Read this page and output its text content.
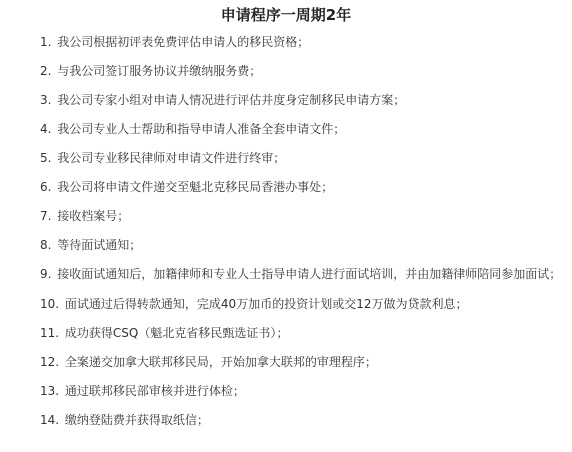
申请程序一周期2年
1. 我公司根据初评表免费评估申请人的移民资格；
2. 与我公司签订服务协议并缴纳服务费；
3. 我公司专家小组对申请人情况进行评估并度身定制移民申请方案；
4. 我公司专业人士帮助和指导申请人准备全套申请文件；
5. 我公司专业移民律师对申请文件进行终审；
6. 我公司将申请文件递交至魁北克移民局香港办事处；
7. 接收档案号；
8. 等待面试通知；
9. 接收面试通知后，加籍律师和专业人士指导申请人进行面试培训，并由加籍律师陪同参加面试；
10. 面试通过后得转款通知，完成40万加币的投资计划或交12万做为贷款利息；
11. 成功获得CSQ（魁北克省移民甄选证书）；
12. 全案递交加拿大联邦移民局，开始加拿大联邦的审理程序；
13. 通过联邦移民部审核并进行体检；
14. 缴纳登陆费并获得取纸信；
